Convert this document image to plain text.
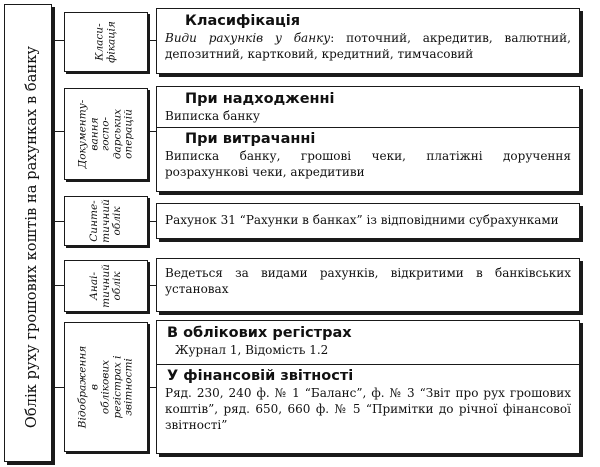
Облік руху грошових коштів на рахунках в банку
Класи-
фікація
Класифікація
Види рахунків у банку: поточний, акредитив, валютний, депозитний, картковий, кредитний, тимчасовий
Документу-
вання госпо-
дарських
операцій
При надходженні
Виписка банку
При витрачанні
Виписка банку, грошові чеки, платіжні доручення розрахункові чеки, акредитиви
Синте-
тичний
облік	Рахунок 31 “Рахунки в банках” із відповідними субрахунками
Анаі-
тичний
облік	Ведеться за видами рахунків, відкритими в банківських установах
Відображення в
облікових регістрах і
звітності
В облікових регістрах
Журнал 1, Відомість 1.2
У фінансовій звітності
Ряд. 230, 240 ф. № 1 “Баланс”, ф. № 3 “Звіт про рух грошових коштів”, ряд. 650, 660 ф. № 5 “Примітки до річної фінансової звітності”
